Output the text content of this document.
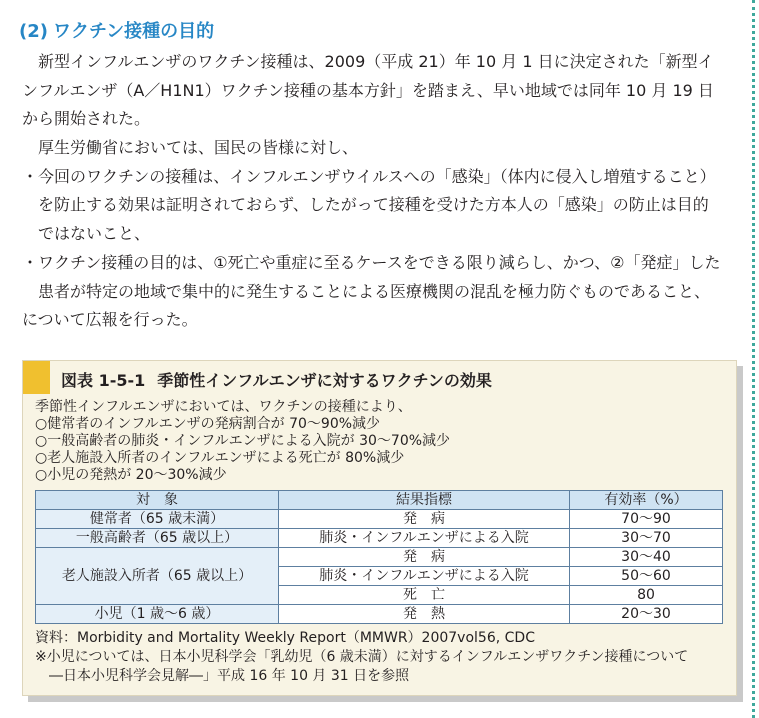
(2) ワクチン接種の目的
新型インフルエンザのワクチン接種は、2009（平成 21）年 10 月 1 日に決定された「新型イ
ンフルエンザ（A／H1N1）ワクチン接種の基本方針」を踏まえ、早い地域では同年 10 月 19 日
から開始された。
厚生労働省においては、国民の皆様に対し、
・ 今回のワクチンの接種は、インフルエンザウイルスへの「感染」（体内に侵入し増殖すること）
を防止する効果は証明されておらず、したがって接種を受けた方本人の「感染」の防止は目的
ではないこと、
・ ワクチン接種の目的は、①死亡や重症に至るケースをできる限り減らし、かつ、②「発症」した
患者が特定の地域で集中的に発生することによる医療機関の混乱を極力防ぐものであること、
について広報を行った。
図表 1-5-1 季節性インフルエンザに対するワクチンの効果
季節性インフルエンザにおいては、ワクチンの接種により、
○健常者のインフルエンザの発病割合が 70～90%減少
○一般高齢者の肺炎・インフルエンザによる入院が 30～70%減少
○老人施設入所者のインフルエンザによる死亡が 80%減少
○小児の発熱が 20～30%減少
対　象	結果指標	有効率（%）
健常者（65 歳未満）	発　病	70～90
一般高齢者（65 歳以上）	肺炎・インフルエンザによる入院	30～70
老人施設入所者（65 歳以上）	発　病	30～40
	肺炎・インフルエンザによる入院	50～60
	死　亡	80
小児（1 歳～6 歳）	発　熱	20～30
資料：Morbidity and Mortality Weekly Report（MMWR）2007vol56, CDC
※小児については、日本小児科学会「乳幼児（6 歳未満）に対するインフルエンザワクチン接種について
―日本小児科学会見解―」平成 16 年 10 月 31 日を参照
